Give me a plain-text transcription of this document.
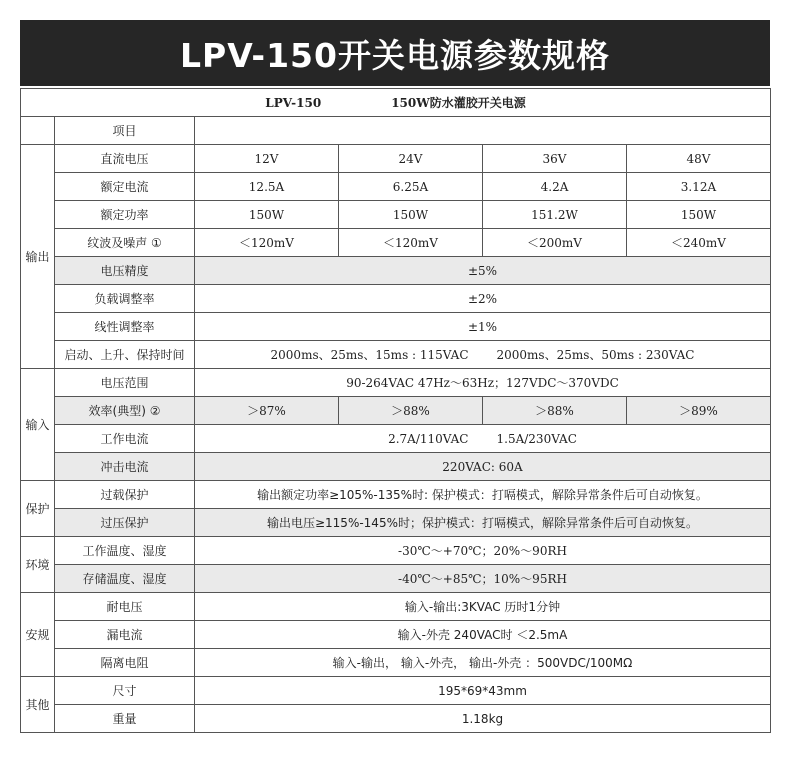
LPV-150开关电源参数规格
LPV-150 150W防水灌胶开关电源					
	项目				
输出	直流电压	12V	24V	36V	48V
	额定电流	12.5A	6.25A	4.2A	3.12A
	额定功率	150W	150W	151.2W	150W
	纹波及噪声 ①	＜120mV	＜120mV	＜200mV	＜240mV
	电压精度	±5%			
	负载调整率	±2%			
	线性调整率	±1%			
	启动、上升、保持时间	2000ms、25ms、15ms : 115VAC 2000ms、25ms、50ms : 230VAC			
输入	电压范围	90-264VAC 47Hz～63Hz；127VDC～370VDC			
	效率(典型) ②	＞87%	＞88%	＞88%	＞89%
	工作电流	2.7A/110VAC 1.5A/230VAC			
	冲击电流	220VAC: 60A			
保护	过载保护	输出额定功率≥105%-135%时: 保护模式：打嗝模式，解除异常条件后可自动恢复。			
	过压保护	输出电压≥115%-145%时；保护模式：打嗝模式，解除异常条件后可自动恢复。			
环境	工作温度、湿度	-30℃～+70℃；20%～90RH			
	存储温度、湿度	-40℃～+85℃；10%～95RH			
安规	耐电压	输入-输出:3KVAC 历时1分钟			
	漏电流	输入-外壳 240VAC时 ＜2.5mA			
	隔离电阻	输入-输出， 输入-外壳， 输出-外壳 ：500VDC/100MΩ			
其他	尺寸	195*69*43mm			
	重量	1.18kg			
